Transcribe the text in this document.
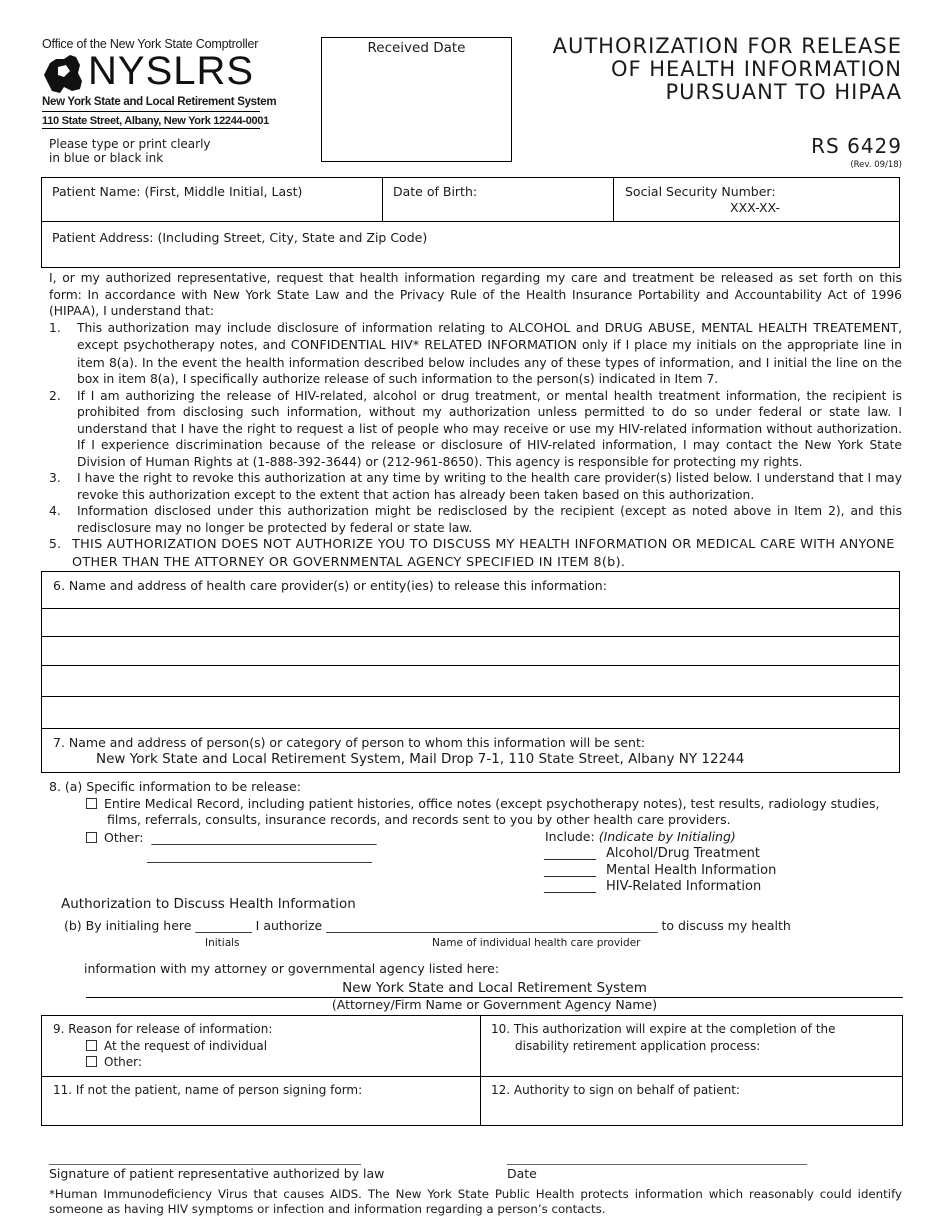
Office of the New York State Comptroller
NYSLRS
New York State and Local Retirement System
110 State Street, Albany, New York 12244-0001
Please type or print clearly
in blue or black ink
Received Date	AUTHORIZATION FOR RELEASE
OF HEALTH INFORMATION
PURSUANT TO HIPAA
RS 6429
(Rev. 09/18)
Patient Name: (First, Middle Initial, Last)	Date of Birth:	Social Security Number:
XXX-XX-
Patient Address: (Including Street, City, State and Zip Code)

I, or my authorized representative, request that health information regarding my care and treatment be released as set forth on this form: In accordance with New York State Law and the Privacy Rule of the Health Insurance Portability and Accountability Act of 1996 (HIPAA), I understand that:

1. This authorization may include disclosure of information relating to ALCOHOL and DRUG ABUSE, MENTAL HEALTH TREATEMENT, except psychotherapy notes, and CONFIDENTIAL HIV* RELATED INFORMATION only if I place my initials on the appropriate line in item 8(a). In the event the health information described below includes any of these types of information, and I initial the line on the box in item 8(a), I specifically authorize release of such information to the person(s) indicated in Item 7.
2. If I am authorizing the release of HIV-related, alcohol or drug treatment, or mental health treatment information, the recipient is prohibited from disclosing such information, without my authorization unless permitted to do so under federal or state law. I understand that I have the right to request a list of people who may receive or use my HIV-related information without authorization. If I experience discrimination because of the release or disclosure of HIV-related information, I may contact the New York State Division of Human Rights at (1-888-392-3644) or (212-961-8650). This agency is responsible for protecting my rights.
3. I have the right to revoke this authorization at any time by writing to the health care provider(s) listed below. I understand that I may revoke this authorization except to the extent that action has already been taken based on this authorization.
4. Information disclosed under this authorization might be redisclosed by the recipient (except as noted above in Item 2), and this redisclosure may no longer be protected by federal or state law.
5. THIS AUTHORIZATION DOES NOT AUTHORIZE YOU TO DISCUSS MY HEALTH INFORMATION OR MEDICAL CARE WITH ANYONE OTHER THAN THE ATTORNEY OR GOVERNMENTAL AGENCY SPECIFIED IN ITEM 8(b).
6. Name and address of health care provider(s) or entity(ies) to release this information:
7. Name and address of person(s) or category of person to whom this information will be sent:
New York State and Local Retirement System, Mail Drop 7-1, 110 State Street, Albany NY 12244
8. (a) Specific information to be release:
Entire Medical Record, including patient histories, office notes (except psychotherapy notes), test results, radiology studies,
films, referrals, consults, insurance records, and records sent to you by other health care providers.
Other: ____________________________________
____________________________________
Include: (Indicate by Initialing)
________ Alcohol/Drug Treatment
________ Mental Health Information
________ HIV-Related Information
Authorization to Discuss Health Information
(b) By initialing here _________ I authorize _____________________________________________________ to discuss my health
Initials	Name of individual health care provider
information with my attorney or governmental agency listed here:
New York State and Local Retirement System
(Attorney/Firm Name or Government Agency Name)
9. Reason for release of information:
At the request of individual
Other:
10. This authorization will expire at the completion of the
disability retirement application process:
11. If not the patient, name of person signing form:	12. Authority to sign on behalf of patient:
____________________________________________________	__________________________________________________
Signature of patient representative authorized by law	Date
*Human Immunodeficiency Virus that causes AIDS. The New York State Public Health protects information which reasonably could identify someone as having HIV symptoms or infection and information regarding a person’s contacts.
